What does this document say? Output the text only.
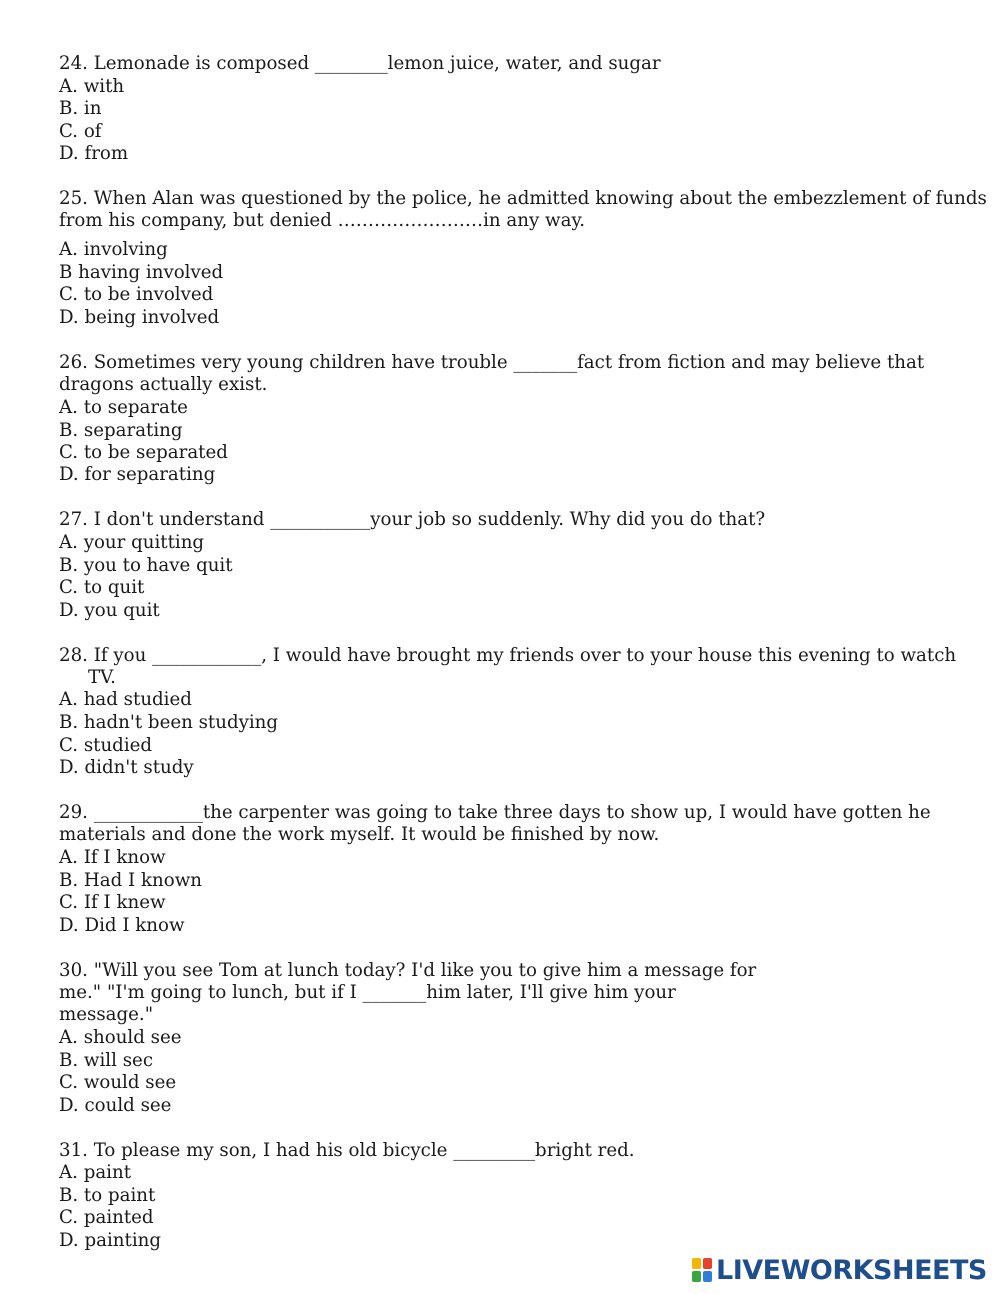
24. Lemonade is composed ________lemon juice, water, and sugar
A. with
B. in
C. of
D. from
25. When Alan was questioned by the police, he admitted knowing about the embezzlement of funds
from his company, but denied ……………………in any way.
A. involving
B having involved
C. to be involved
D. being involved
26. Sometimes very young children have trouble _______fact from fiction and may believe that
dragons actually exist.
A. to separate
B. separating
C. to be separated
D. for separating
27. I don't understand ___________your job so suddenly. Why did you do that?
A. your quitting
B. you to have quit
C. to quit
D. you quit
28. If you ____________, I would have brought my friends over to your house this evening to watch
TV.
A. had studied
B. hadn't been studying
C. studied
D. didn't study
29. ____________the carpenter was going to take three days to show up, I would have gotten he
materials and done the work myself. It would be finished by now.
A. If I know
B. Had I known
C. If I knew
D. Did I know
30. "Will you see Tom at lunch today? I'd like you to give him a message for
me." "I'm going to lunch, but if I _______him later, I'll give him your
message."
A. should see
B. will sec
C. would see
D. could see
31. To please my son, I had his old bicycle _________bright red.
A. paint
B. to paint
C. painted
D. painting
LIVEWORKSHEETS
